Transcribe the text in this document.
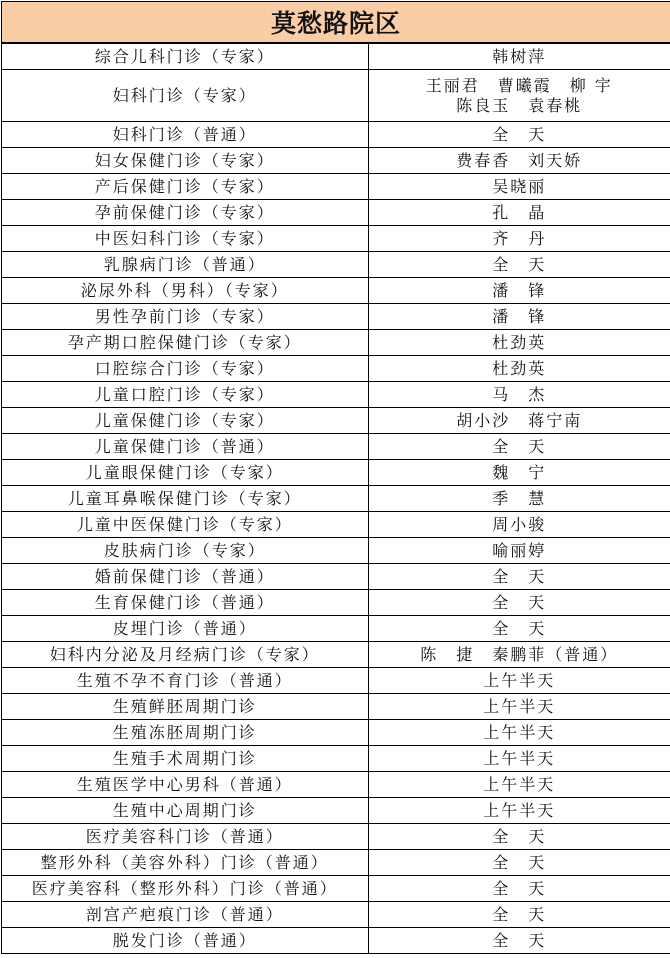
莫愁路院区
综合儿科门诊（专家）	韩树萍
妇科门诊（专家）	王丽君　曹曦霞　柳 宇
陈良玉　袁春桃
妇科门诊（普通）	全　天
妇女保健门诊（专家）	费春香　刘天娇
产后保健门诊（专家）	吴晓丽
孕前保健门诊（专家）	孔　晶
中医妇科门诊（专家）	齐　丹
乳腺病门诊（普通）	全　天
泌尿外科（男科）（专家）	潘　锋
男性孕前门诊（专家）	潘　锋
孕产期口腔保健门诊（专家）	杜劲英
口腔综合门诊（专家）	杜劲英
儿童口腔门诊（专家）	马　杰
儿童保健门诊（专家）	胡小沙　蒋宁南
儿童保健门诊（普通）	全　天
儿童眼保健门诊（专家）	魏　宁
儿童耳鼻喉保健门诊（专家）	季　慧
儿童中医保健门诊（专家）	周小骏
皮肤病门诊（专家）	喻丽婷
婚前保健门诊（普通）	全　天
生育保健门诊（普通）	全　天
皮埋门诊（普通）	全　天
妇科内分泌及月经病门诊（专家）	陈　捷　秦鹏菲（普通）
生殖不孕不育门诊（普通）	上午半天
生殖鲜胚周期门诊	上午半天
生殖冻胚周期门诊	上午半天
生殖手术周期门诊	上午半天
生殖医学中心男科（普通）	上午半天
生殖中心周期门诊	上午半天
医疗美容科门诊（普通）	全　天
整形外科（美容外科）门诊（普通）	全　天
医疗美容科（整形外科）门诊（普通）	全　天
剖宫产疤痕门诊（普通）	全　天
脱发门诊（普通）	全　天
